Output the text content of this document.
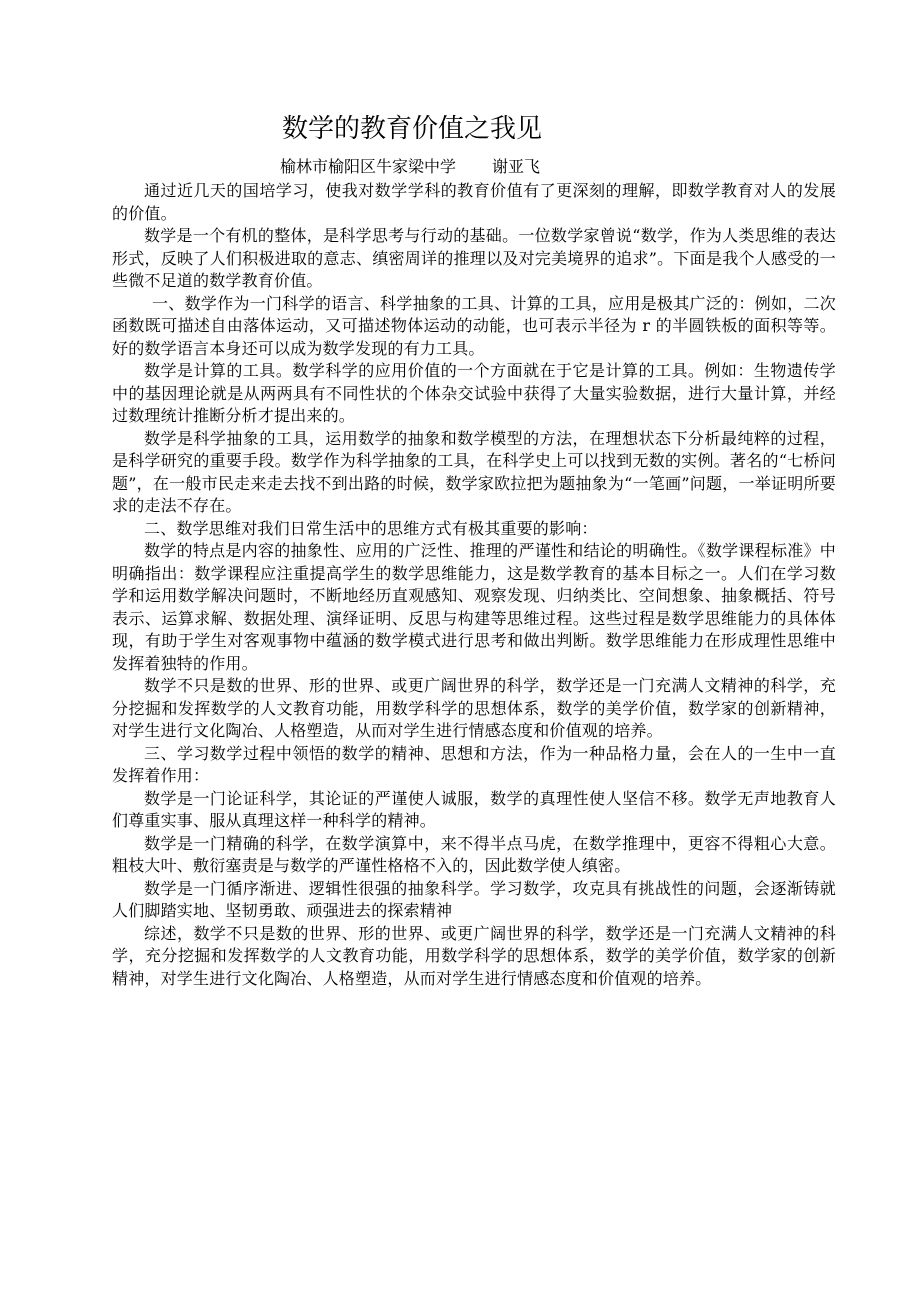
数学的教育价值之我见
榆林市榆阳区牛家梁中学 谢亚飞

通过近几天的国培学习，使我对数学学科的教育价值有了更深刻的理解，即数学教育对人的发展的价值。

数学是一个有机的整体，是科学思考与行动的基础。一位数学家曾说“数学，作为人类思维的表达形式，反映了人们积极进取的意志、缜密周详的推理以及对完美境界的追求”。下面是我个人感受的一些微不足道的数学教育价值。

一、数学作为一门科学的语言、科学抽象的工具、计算的工具，应用是极其广泛的：例如，二次函数既可描述自由落体运动，又可描述物体运动的动能，也可表示半径为 r 的半圆铁板的面积等等。好的数学语言本身还可以成为数学发现的有力工具。

数学是计算的工具。数学科学的应用价值的一个方面就在于它是计算的工具。例如：生物遗传学中的基因理论就是从两两具有不同性状的个体杂交试验中获得了大量实验数据，进行大量计算，并经过数理统计推断分析才提出来的。

数学是科学抽象的工具，运用数学的抽象和数学模型的方法，在理想状态下分析最纯粹的过程，是科学研究的重要手段。数学作为科学抽象的工具，在科学史上可以找到无数的实例。著名的“七桥问题”，在一般市民走来走去找不到出路的时候，数学家欧拉把为题抽象为“一笔画”问题，一举证明所要求的走法不存在。

二、数学思维对我们日常生活中的思维方式有极其重要的影响：

数学的特点是内容的抽象性、应用的广泛性、推理的严谨性和结论的明确性。《数学课程标准》中明确指出：数学课程应注重提高学生的数学思维能力，这是数学教育的基本目标之一。人们在学习数学和运用数学解决问题时，不断地经历直观感知、观察发现、归纳类比、空间想象、抽象概括、符号表示、运算求解、数据处理、演绎证明、反思与构建等思维过程。这些过程是数学思维能力的具体体现，有助于学生对客观事物中蕴涵的数学模式进行思考和做出判断。数学思维能力在形成理性思维中发挥着独特的作用。

数学不只是数的世界、形的世界、或更广阔世界的科学，数学还是一门充满人文精神的科学，充分挖掘和发挥数学的人文教育功能，用数学科学的思想体系，数学的美学价值，数学家的创新精神，对学生进行文化陶冶、人格塑造，从而对学生进行情感态度和价值观的培养。

三、学习数学过程中领悟的数学的精神、思想和方法，作为一种品格力量，会在人的一生中一直发挥着作用：

数学是一门论证科学，其论证的严谨使人诚服，数学的真理性使人坚信不移。数学无声地教育人们尊重实事、服从真理这样一种科学的精神。

数学是一门精确的科学，在数学演算中，来不得半点马虎，在数学推理中，更容不得粗心大意。粗枝大叶、敷衍塞责是与数学的严谨性格格不入的，因此数学使人缜密。

数学是一门循序渐进、逻辑性很强的抽象科学。学习数学，攻克具有挑战性的问题，会逐渐铸就人们脚踏实地、坚韧勇敢、顽强进去的探索精神

综述，数学不只是数的世界、形的世界、或更广阔世界的科学，数学还是一门充满人文精神的科学，充分挖掘和发挥数学的人文教育功能，用数学科学的思想体系，数学的美学价值，数学家的创新精神，对学生进行文化陶冶、人格塑造，从而对学生进行情感态度和价值观的培养。
